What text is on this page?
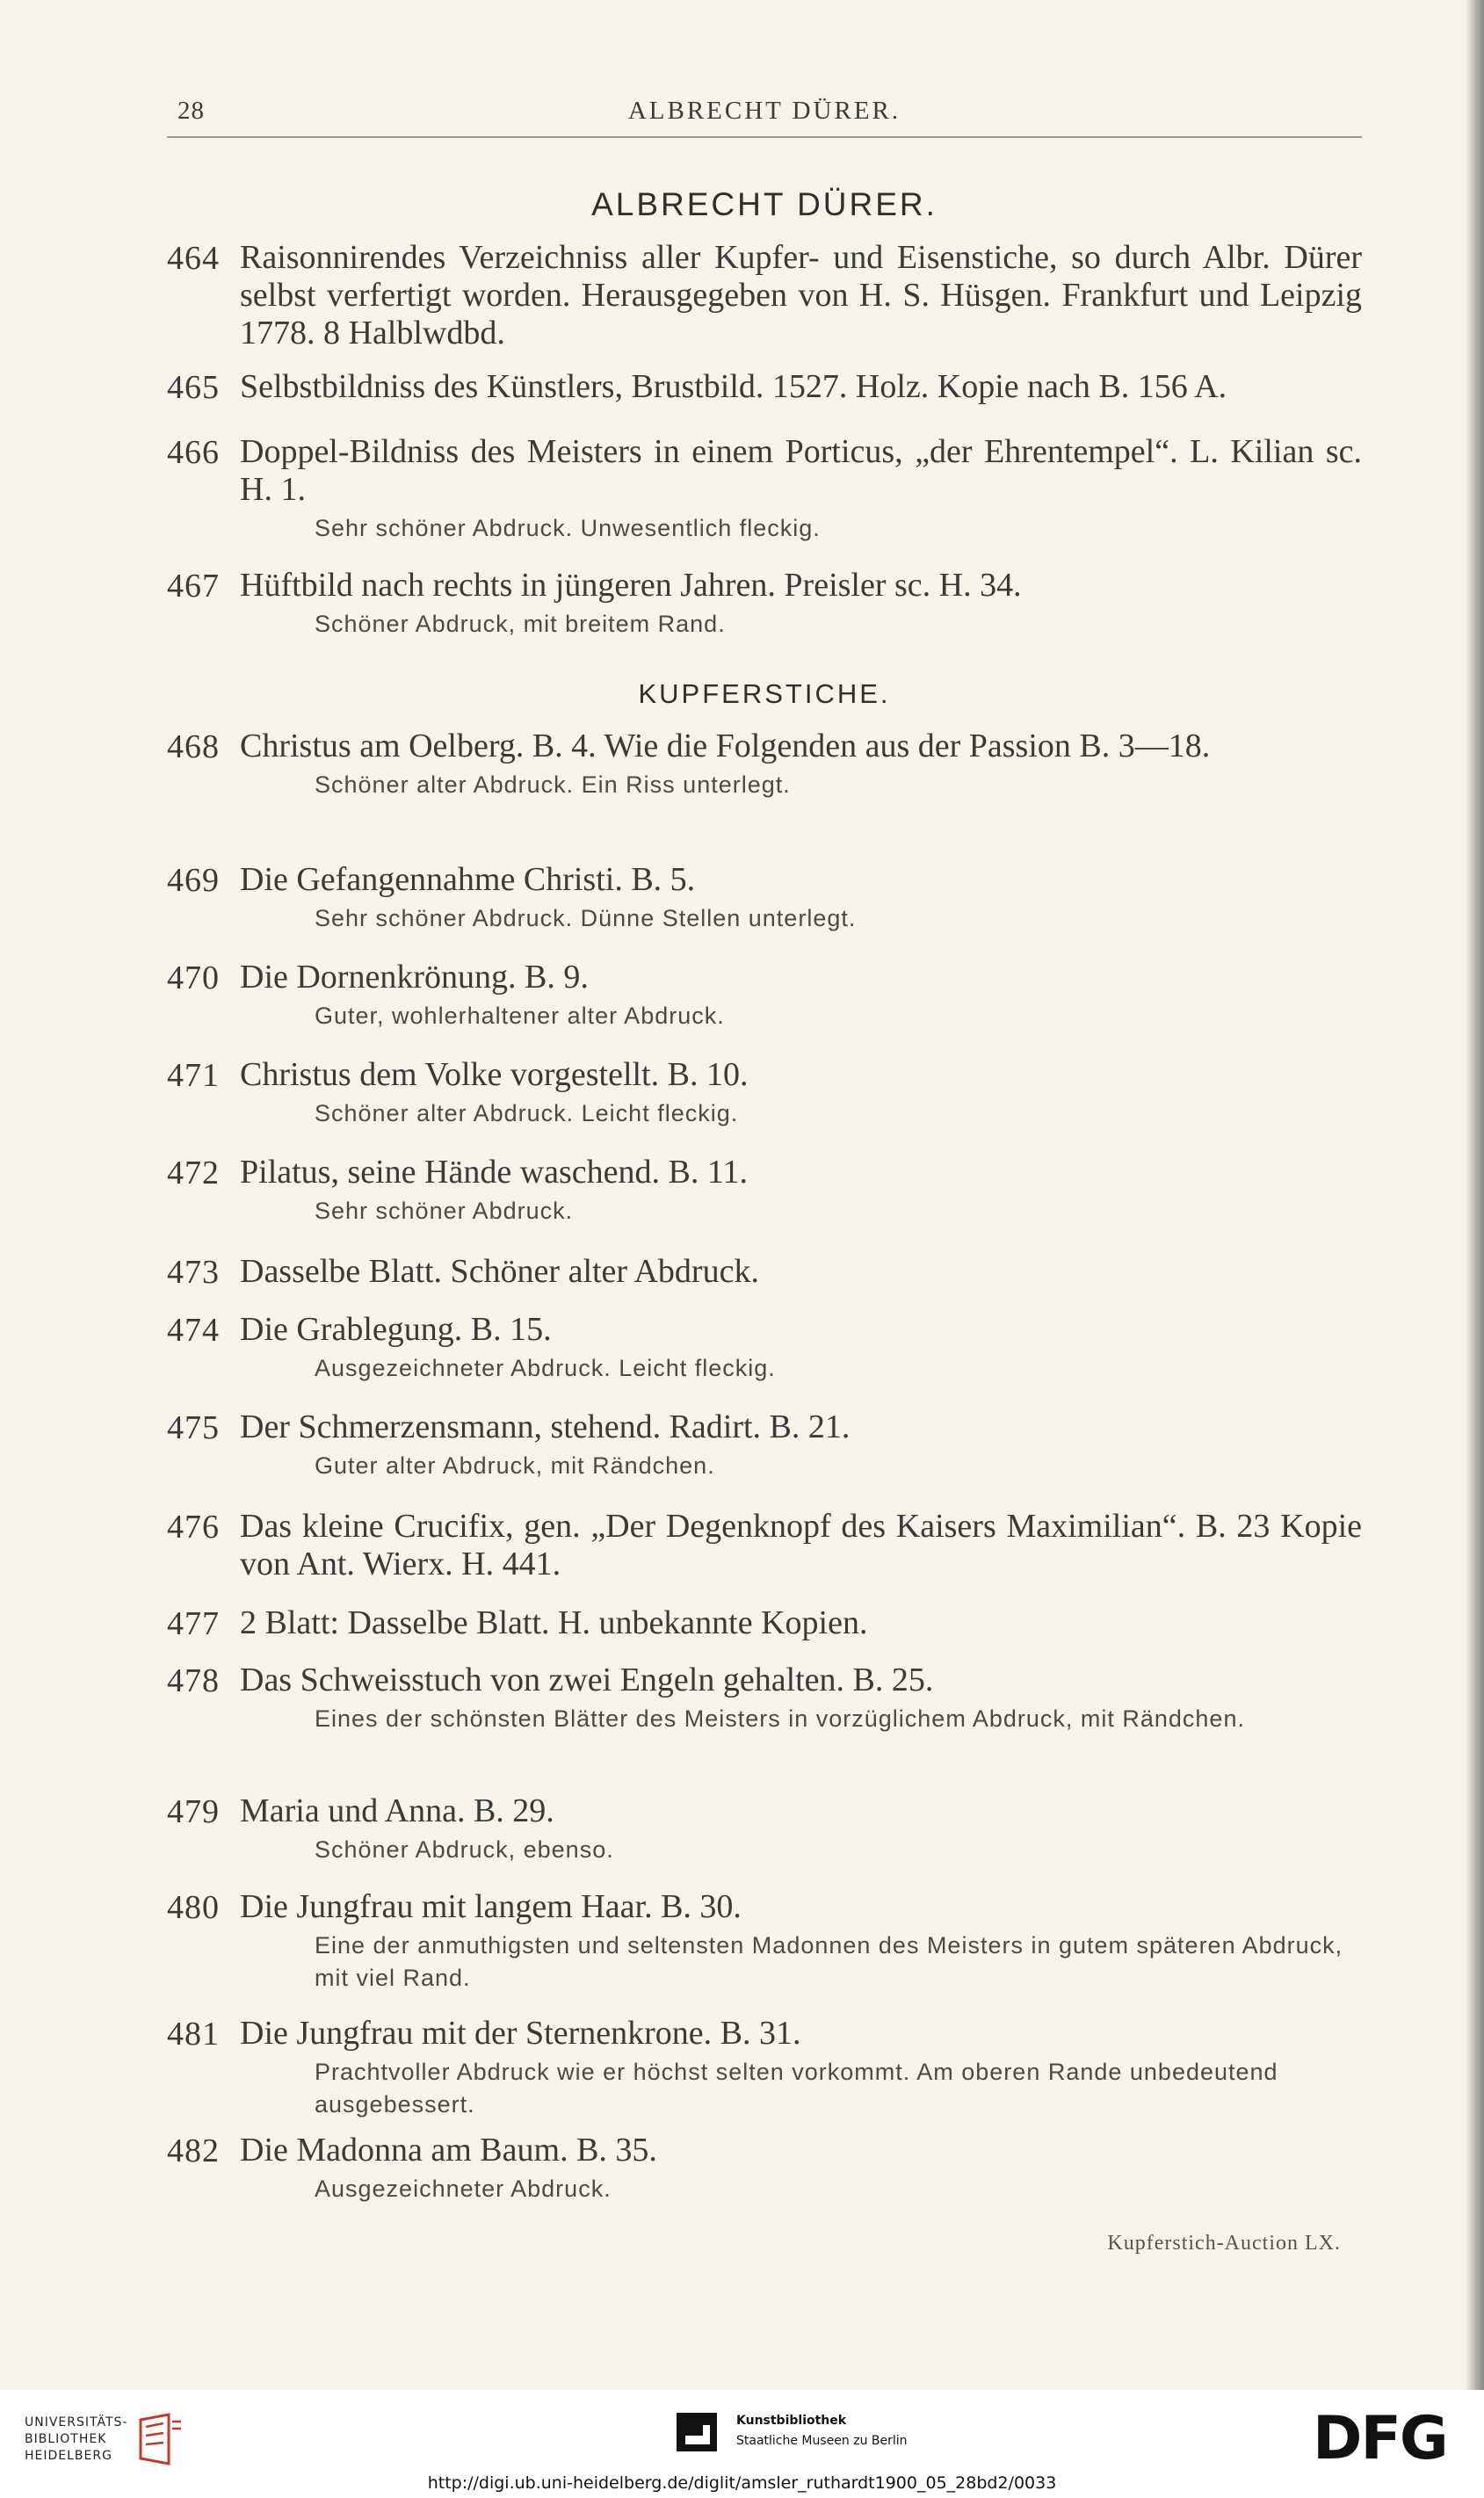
28	ALBRECHT DÜRER.
ALBRECHT DÜRER.
464 Raisonnirendes Verzeichniss aller Kupfer- und Eisenstiche, so durch Albr. Dürer selbst verfertigt worden. Herausgegeben von H. S. Hüsgen. Frankfurt und Leipzig 1778. 8 Halblwdbd.
465 Selbstbildniss des Künstlers, Brustbild. 1527. Holz. Kopie nach B. 156 A.
466 Doppel-Bildniss des Meisters in einem Porticus, „der Ehrentempel“. L. Kilian sc. H. 1.
Sehr schöner Abdruck. Unwesentlich fleckig.
467 Hüftbild nach rechts in jüngeren Jahren. Preisler sc. H. 34.
Schöner Abdruck, mit breitem Rand.
KUPFERSTICHE.
468 Christus am Oelberg. B. 4. Wie die Folgenden aus der Passion B. 3—18.
Schöner alter Abdruck. Ein Riss unterlegt.
469 Die Gefangennahme Christi. B. 5.
Sehr schöner Abdruck. Dünne Stellen unterlegt.
470 Die Dornenkrönung. B. 9.
Guter, wohlerhaltener alter Abdruck.
471 Christus dem Volke vorgestellt. B. 10.
Schöner alter Abdruck. Leicht fleckig.
472 Pilatus, seine Hände waschend. B. 11.
Sehr schöner Abdruck.
473 Dasselbe Blatt. Schöner alter Abdruck.
474 Die Grablegung. B. 15.
Ausgezeichneter Abdruck. Leicht fleckig.
475 Der Schmerzensmann, stehend. Radirt. B. 21.
Guter alter Abdruck, mit Rändchen.
476 Das kleine Crucifix, gen. „Der Degenknopf des Kaisers Maximilian“. B. 23 Kopie von Ant. Wierx. H. 441.
477 2 Blatt: Dasselbe Blatt. H. unbekannte Kopien.
478 Das Schweisstuch von zwei Engeln gehalten. B. 25.
Eines der schönsten Blätter des Meisters in vorzüglichem Abdruck, mit Rändchen.
479 Maria und Anna. B. 29.
Schöner Abdruck, ebenso.
480 Die Jungfrau mit langem Haar. B. 30.
Eine der anmuthigsten und seltensten Madonnen des Meisters in gutem späteren Abdruck, mit viel Rand.
481 Die Jungfrau mit der Sternenkrone. B. 31.
Prachtvoller Abdruck wie er höchst selten vorkommt. Am oberen Rande unbedeutend ausgebessert.
482 Die Madonna am Baum. B. 35.
Ausgezeichneter Abdruck.
Kupferstich-Auction LX.
UNIVERSITÄTS-
BIBLIOTHEK
HEIDELBERG
Kunstbibliothek
Staatliche Museen zu Berlin	DFG
http://digi.ub.uni-heidelberg.de/diglit/amsler_ruthardt1900_05_28bd2/0033
